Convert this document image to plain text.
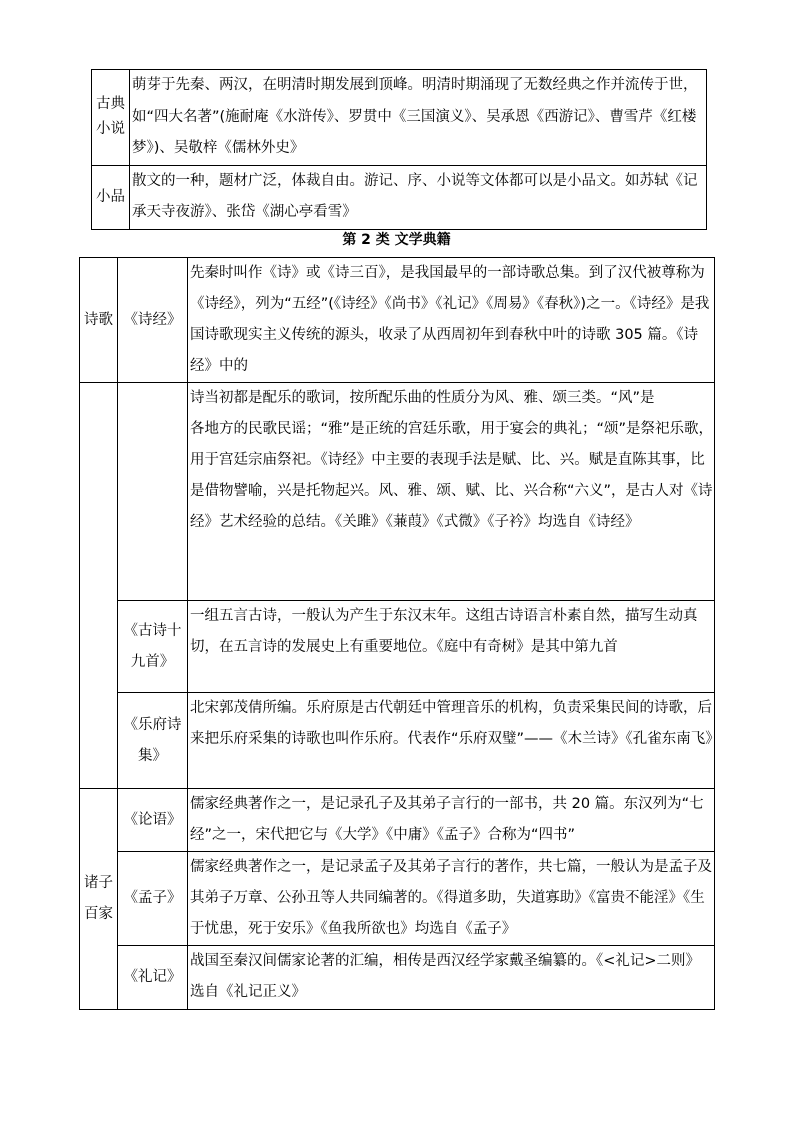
古典小说	萌芽于先秦、两汉，在明清时期发展到顶峰。明清时期涌现了无数经典之作并流传于世，如“四大名著”(施耐庵《水浒传》、罗贯中《三国演义》、吴承恩《西游记》、曹雪芹《红楼梦》)、吴敬梓《儒林外史》
小品	散文的一种，题材广泛，体裁自由。游记、序、小说等文体都可以是小品文。如苏轼《记承天寺夜游》、张岱《湖心亭看雪》
第 2 类 文学典籍
诗歌	《诗经》	先秦时叫作《诗》或《诗三百》，是我国最早的一部诗歌总集。到了汉代被尊称为《诗经》，列为“五经”(《诗经》《尚书》《礼记》《周易》《春秋》)之一。《诗经》是我国诗歌现实主义传统的源头，收录了从西周初年到春秋中叶的诗歌 305 篇。《诗经》中的

		诗当初都是配乐的歌词，按所配乐曲的性质分为风、雅、颂三类。“风”是
各地方的民歌民谣；“雅”是正统的宫廷乐歌，用于宴会的典礼；“颂”是祭祀乐歌，用于宫廷宗庙祭祀。《诗经》中主要的表现手法是赋、比、兴。赋是直陈其事，比是借物譬喻，兴是托物起兴。风、雅、颂、赋、比、兴合称“六义”，是古人对《诗经》艺术经验的总结。《关雎》《蒹葭》《式微》《子衿》均选自《诗经》

	《古诗十九首》	一组五言古诗，一般认为产生于东汉末年。这组古诗语言朴素自然，描写生动真切，在五言诗的发展史上有重要地位。《庭中有奇树》是其中第九首
	《乐府诗集》	北宋郭茂倩所编。乐府原是古代朝廷中管理音乐的机构，负责采集民间的诗歌，后来把乐府采集的诗歌也叫作乐府。代表作“乐府双璧”——《木兰诗》《孔雀东南飞》
诸子百家	《论语》	儒家经典著作之一，是记录孔子及其弟子言行的一部书，共 20 篇。东汉列为“七经”之一，宋代把它与《大学》《中庸》《孟子》合称为“四书”
	《孟子》	儒家经典著作之一，是记录孟子及其弟子言行的著作，共七篇，一般认为是孟子及其弟子万章、公孙丑等人共同编著的。《得道多助，失道寡助》《富贵不能淫》《生于忧患，死于安乐》《鱼我所欲也》均选自《孟子》
	《礼记》	战国至秦汉间儒家论著的汇编，相传是西汉经学家戴圣编纂的。《<礼记>二则》选自《礼记正义》
